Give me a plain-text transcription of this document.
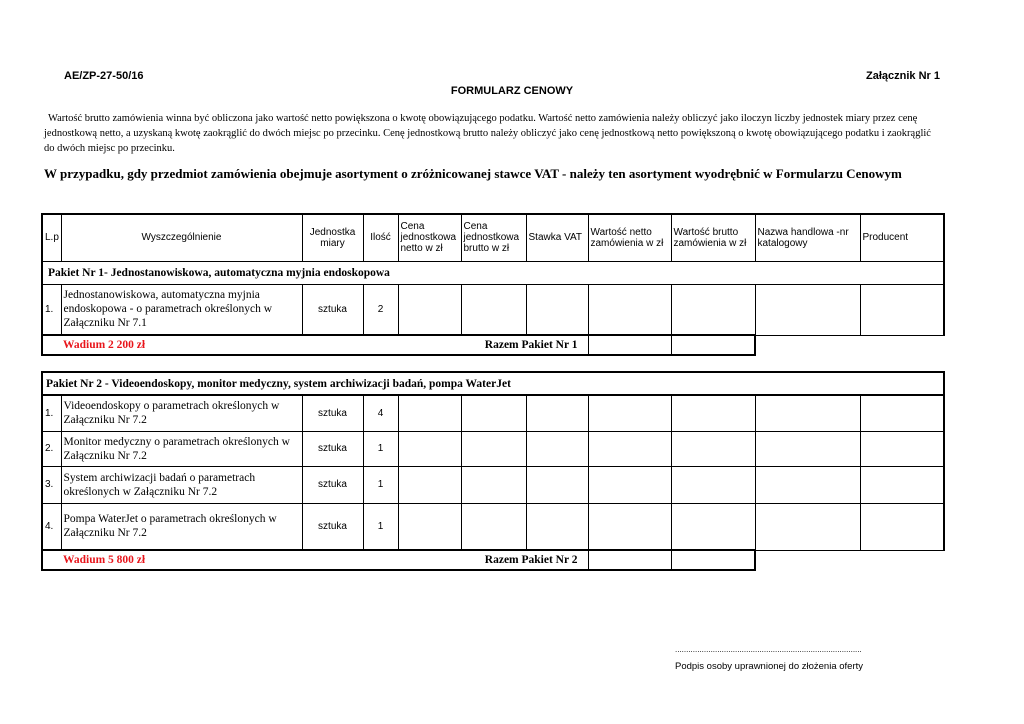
AE/ZP-27-50/16	Załącznik Nr 1
FORMULARZ CENOWY

Wartość brutto zamówienia winna być obliczona jako wartość netto powiększona o kwotę obowiązującego podatku. Wartość netto zamówienia należy obliczyć jako iloczyn liczby jednostek miary przez cenę jednostkową netto, a uzyskaną kwotę zaokrąglić do dwóch miejsc po przecinku. Cenę jednostkową brutto należy obliczyć jako cenę jednostkową netto powiększoną o kwotę obowiązującego podatku i zaokrąglić do dwóch miejsc po przecinku.

W przypadku, gdy przedmiot zamówienia obejmuje asortyment o zróżnicowanej stawce VAT - należy ten asortyment wyodrębnić w Formularzu Cenowym
L.p	Wyszczególnienie	Jednostka miary	Ilość	Cena jednostkowa netto w zł	Cena jednostkowa brutto w zł	Stawka VAT	Wartość netto zamówienia w zł	Wartość brutto zamówienia w zł	Nazwa handlowa -nr katalogowy	Producent
Pakiet Nr 1- Jednostanowiskowa, automatyczna myjnia endoskopowa										
1.	Jednostanowiskowa, automatyczna myjnia endoskopowa - o parametrach określonych w Załączniku Nr 7.1	sztuka	2							
Wadium 2 200 zł				Razem Pakiet Nr 1						
Pakiet Nr 2 - Videoendoskopy, monitor medyczny, system archiwizacji badań, pompa WaterJet										
1.	Videoendoskopy o parametrach określonych w Załączniku Nr 7.2	sztuka	4							
2.	Monitor medyczny o parametrach określonych w Załączniku Nr 7.2	sztuka	1							
3.	System archiwizacji badań o parametrach określonych w Załączniku Nr 7.2	sztuka	1							
4.	Pompa WaterJet o parametrach określonych w Załączniku Nr 7.2	sztuka	1							
Wadium 5 800 zł				Razem Pakiet Nr 2						
....................................................................................
Podpis osoby uprawnionej do złożenia oferty
